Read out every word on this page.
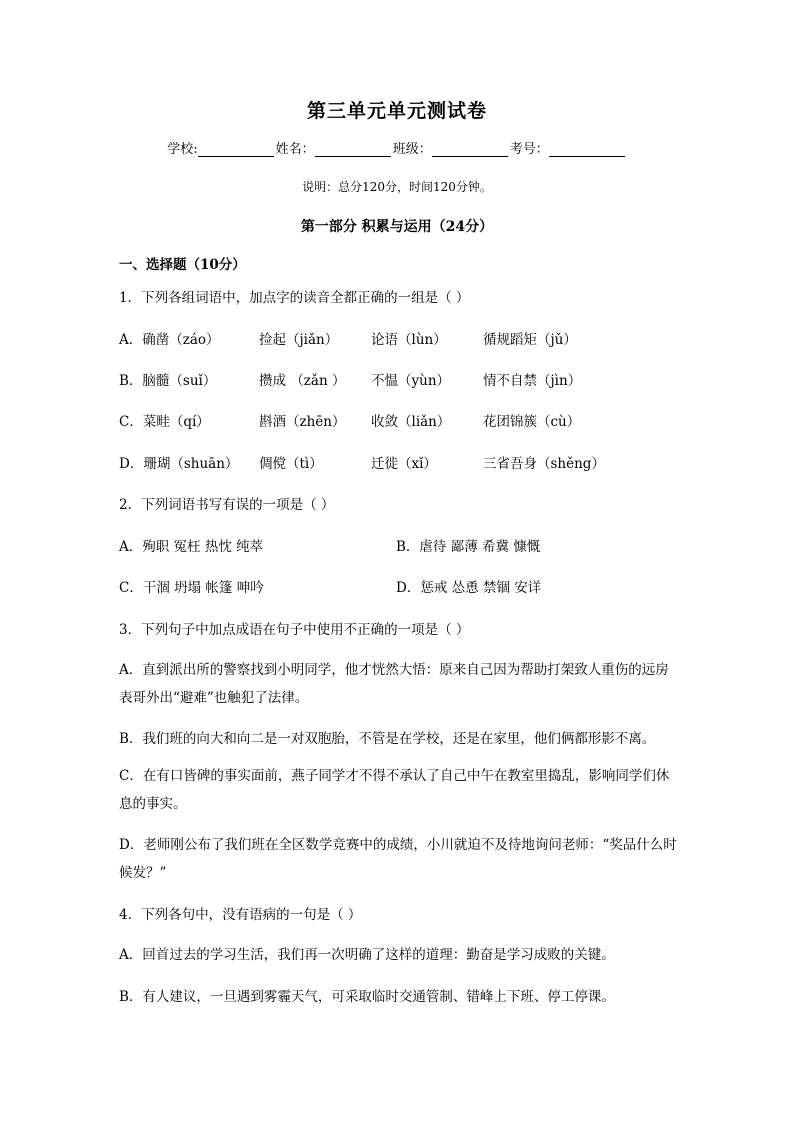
第三单元单元测试卷
学校:	姓名：	班级：	考号：
说明：总分120分，时间120分钟。
第一部分 积累与运用（24分）
一、选择题（10分）
1．下列各组词语中，加点字的读音全都正确的一组是（ ）
A．确凿（záo）	捡起（jiǎn） 论语（lùn）	循规蹈矩（jǔ）
B．脑髓（suǐ）	攒成 （zǎn ） 不愠（yùn） 情不自禁（jìn）
C．菜畦（qí）	斟酒（zhēn） 收敛（liǎn） 花团锦簇（cù）
D．珊瑚（shuān） 倜傥（tì）	迁徙（xǐ）	三省吾身（shěng）
2．下列词语书写有误的一项是（ ）
A．殉职 冤枉 热忱 纯萃	B．虐待 鄙薄 希冀 慷慨
C．干涸 坍塌 帐篷 呻吟	D．惩戒 怂恿 禁锢 安详
3．下列句子中加点成语在句子中使用不正确的一项是（ ）
A．直到派出所的警察找到小明同学，他才恍然大悟：原来自己因为帮助打架致人重伤的远房表哥外出“避难”也触犯了法律。
B．我们班的向大和向二是一对双胞胎，不管是在学校，还是在家里，他们俩都形影不离。
C．在有口皆碑的事实面前，燕子同学才不得不承认了自己中午在教室里捣乱，影响同学们休息的事实。
D．老师刚公布了我们班在全区数学竞赛中的成绩，小川就迫不及待地询问老师：“奖品什么时候发？”
4．下列各句中，没有语病的一句是（ ）
A．回首过去的学习生活，我们再一次明确了这样的道理：勤奋是学习成败的关键。
B．有人建议，一旦遇到雾霾天气，可采取临时交通管制、错峰上下班、停工停课。
